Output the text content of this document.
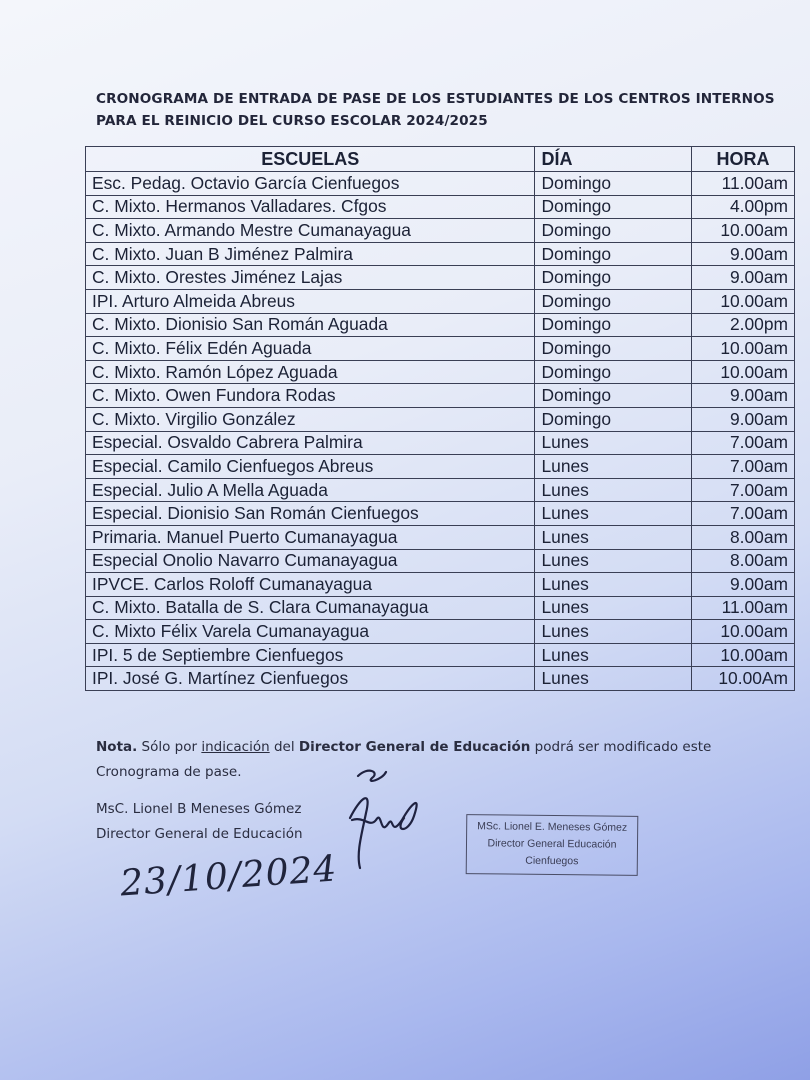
CRONOGRAMA DE ENTRADA DE PASE DE LOS ESTUDIANTES DE LOS CENTROS INTERNOS
PARA EL REINICIO DEL CURSO ESCOLAR 2024/2025
ESCUELAS	DÍA	HORA
Esc. Pedag. Octavio García Cienfuegos	Domingo	11.00am
C. Mixto. Hermanos Valladares. Cfgos	Domingo	4.00pm
C. Mixto. Armando Mestre Cumanayagua	Domingo	10.00am
C. Mixto. Juan B Jiménez Palmira	Domingo	9.00am
C. Mixto. Orestes Jiménez Lajas	Domingo	9.00am
IPI. Arturo Almeida Abreus	Domingo	10.00am
C. Mixto. Dionisio San Román Aguada	Domingo	2.00pm
C. Mixto. Félix Edén Aguada	Domingo	10.00am
C. Mixto. Ramón López Aguada	Domingo	10.00am
C. Mixto. Owen Fundora Rodas	Domingo	9.00am
C. Mixto. Virgilio González	Domingo	9.00am
Especial. Osvaldo Cabrera Palmira	Lunes	7.00am
Especial. Camilo Cienfuegos Abreus	Lunes	7.00am
Especial. Julio A Mella Aguada	Lunes	7.00am
Especial. Dionisio San Román Cienfuegos	Lunes	7.00am
Primaria. Manuel Puerto Cumanayagua	Lunes	8.00am
Especial Onolio Navarro Cumanayagua	Lunes	8.00am
IPVCE. Carlos Roloff Cumanayagua	Lunes	9.00am
C. Mixto. Batalla de S. Clara Cumanayagua	Lunes	11.00am
C. Mixto Félix Varela Cumanayagua	Lunes	10.00am
IPI. 5 de Septiembre Cienfuegos	Lunes	10.00am
IPI. José G. Martínez Cienfuegos	Lunes	10.00Am
Nota. Sólo por indicación del Director General de Educación podrá ser modificado este
Cronograma de pase.
MsC. Lionel B Meneses Gómez
Director General de Educación	MSc. Lionel E. Meneses Gómez
Director General Educación
Cienfuegos
23/10/2024
